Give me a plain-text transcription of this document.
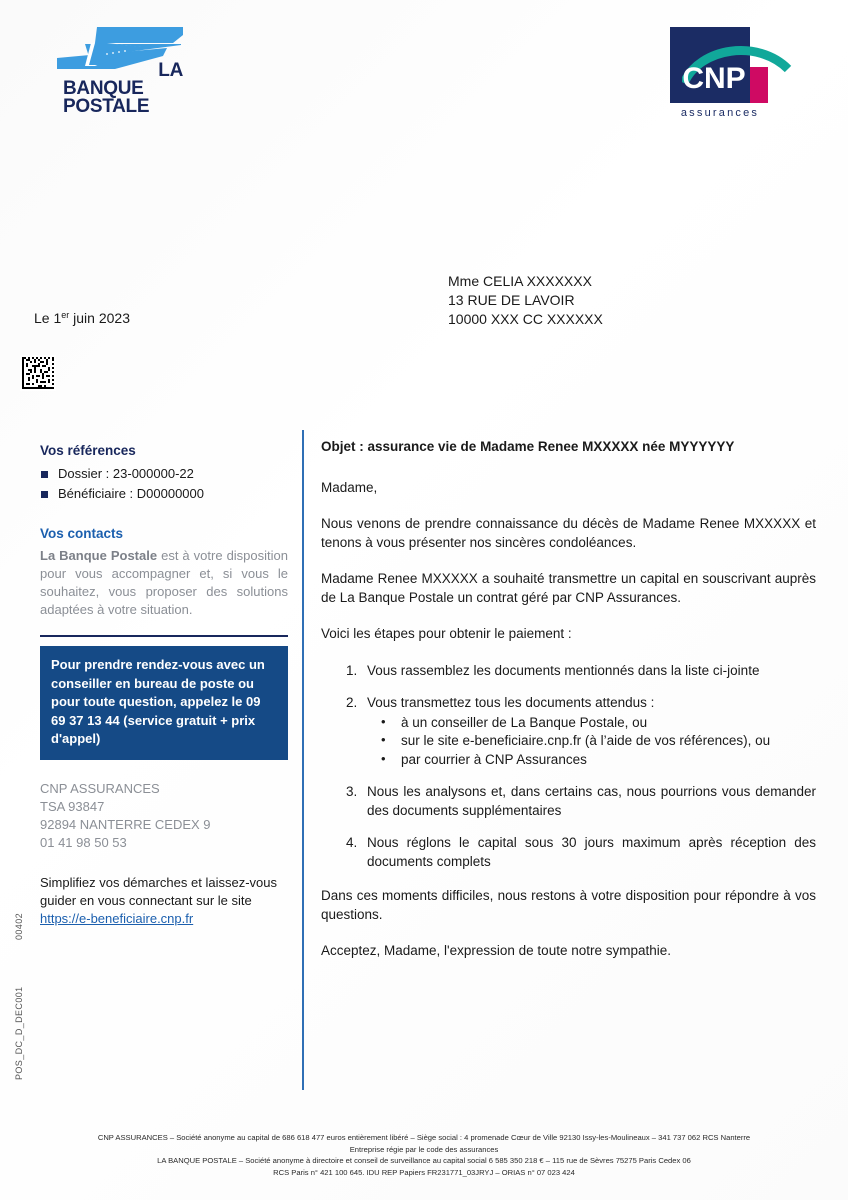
LA
BANQUE
POSTALE
CNP
assurances
Le 1er juin 2023
Mme CELIA XXXXXXX
13 RUE DE LAVOIR
10000 XXX CC XXXXXX
Vos références
Dossier : 23-000000-22
Bénéficiaire : D00000000
Vos contacts

La Banque Postale est à votre disposition pour vous accompagner et, si vous le souhaitez, vous proposer des solutions adaptées à votre situation.

Pour prendre rendez-vous avec un conseiller en bureau de poste ou pour toute question, appelez le 09 69 37 13 44 (service gratuit + prix d'appel)
CNP ASSURANCES
TSA 93847
92894 NANTERRE CEDEX 9
01 41 98 50 53
Simplifiez vos démarches et laissez-vous guider en vous connectant sur le site
https://e-beneficiaire.cnp.fr
00402
POS_DC_D_DEC001
Objet : assurance vie de Madame Renee MXXXXX née MYYYYYY

Madame,

Nous venons de prendre connaissance du décès de Madame Renee MXXXXX et tenons à vous présenter nos sincères condoléances.

Madame Renee MXXXXX a souhaité transmettre un capital en souscrivant auprès de La Banque Postale un contrat géré par CNP Assurances.

Voici les étapes pour obtenir le paiement :

1. Vous rassemblez les documents mentionnés dans la liste ci-jointe
2. Vous transmettez tous les documents attendus :
• à un conseiller de La Banque Postale, ou
• sur le site e-beneficiaire.cnp.fr (à l’aide de vos références), ou
• par courrier à CNP Assurances
3. Nous les analysons et, dans certains cas, nous pourrions vous demander des documents supplémentaires
4. Nous réglons le capital sous 30 jours maximum après réception des documents complets

Dans ces moments difficiles, nous restons à votre disposition pour répondre à vos questions.

Acceptez, Madame, l'expression de toute notre sympathie.

CNP ASSURANCES – Société anonyme au capital de 686 618 477 euros entièrement libéré – Siège social : 4 promenade Cœur de Ville 92130 Issy-les-Moulineaux – 341 737 062 RCS Nanterre
Entreprise régie par le code des assurances
LA BANQUE POSTALE – Société anonyme à directoire et conseil de surveillance au capital social 6 585 350 218 € – 115 rue de Sèvres 75275 Paris Cedex 06
RCS Paris n° 421 100 645. IDU REP Papiers FR231771_03JRYJ – ORIAS n° 07 023 424
